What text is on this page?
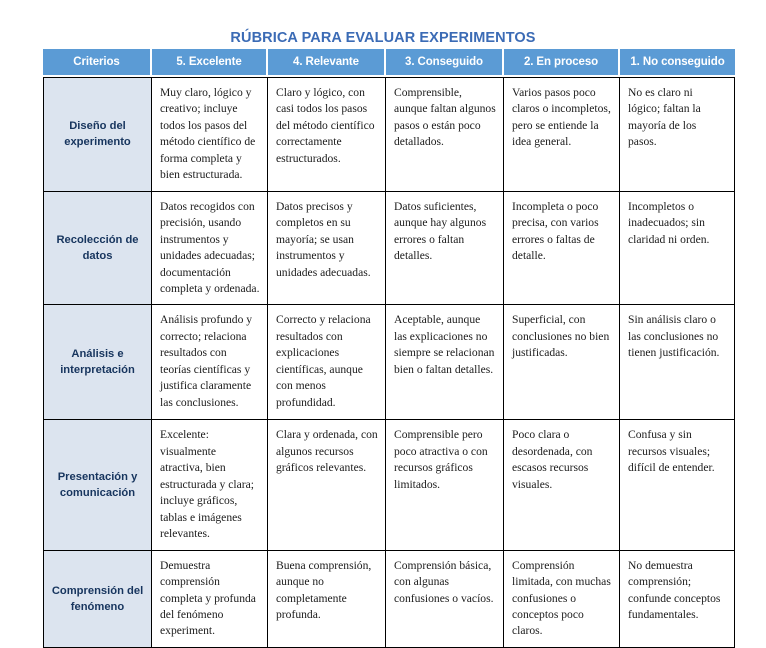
RÚBRICA PARA EVALUAR EXPERIMENTOS
Criterios	5. Excelente	4. Relevante	3. Conseguido	2. En proceso	1. No conseguido
Diseño del experimento	Muy claro, lógico y creativo; incluye todos los pasos del método científico de forma completa y bien estructurada.	Claro y lógico, con casi todos los pasos del método científico correctamente estructurados.	Comprensible, aunque faltan algunos pasos o están poco detallados.	Varios pasos poco claros o incompletos, pero se entiende la idea general.	No es claro ni lógico; faltan la mayoría de los pasos.
Recolección de datos	Datos recogidos con precisión, usando instrumentos y unidades adecuadas; documentación completa y ordenada.	Datos precisos y completos en su mayoría; se usan instrumentos y unidades adecuadas.	Datos suficientes, aunque hay algunos errores o faltan detalles.	Incompleta o poco precisa, con varios errores o faltas de detalle.	Incompletos o inadecuados; sin claridad ni orden.
Análisis e interpretación	Análisis profundo y correcto; relaciona resultados con teorías científicas y justifica claramente las conclusiones.	Correcto y relaciona resultados con explicaciones científicas, aunque con menos profundidad.	Aceptable, aunque las explicaciones no siempre se relacionan bien o faltan detalles.	Superficial, con conclusiones no bien justificadas.	Sin análisis claro o las conclusiones no tienen justificación.
Presentación y comunicación	Excelente: visualmente atractiva, bien estructurada y clara; incluye gráficos, tablas e imágenes relevantes.	Clara y ordenada, con algunos recursos gráficos relevantes.	Comprensible pero poco atractiva o con recursos gráficos limitados.	Poco clara o desordenada, con escasos recursos visuales.	Confusa y sin recursos visuales; difícil de entender.
Comprensión del fenómeno	Demuestra comprensión completa y profunda del fenómeno experiment.	Buena comprensión, aunque no completamente profunda.	Comprensión básica, con algunas confusiones o vacíos.	Comprensión limitada, con muchas confusiones o conceptos poco claros.	No demuestra comprensión; confunde conceptos fundamentales.
